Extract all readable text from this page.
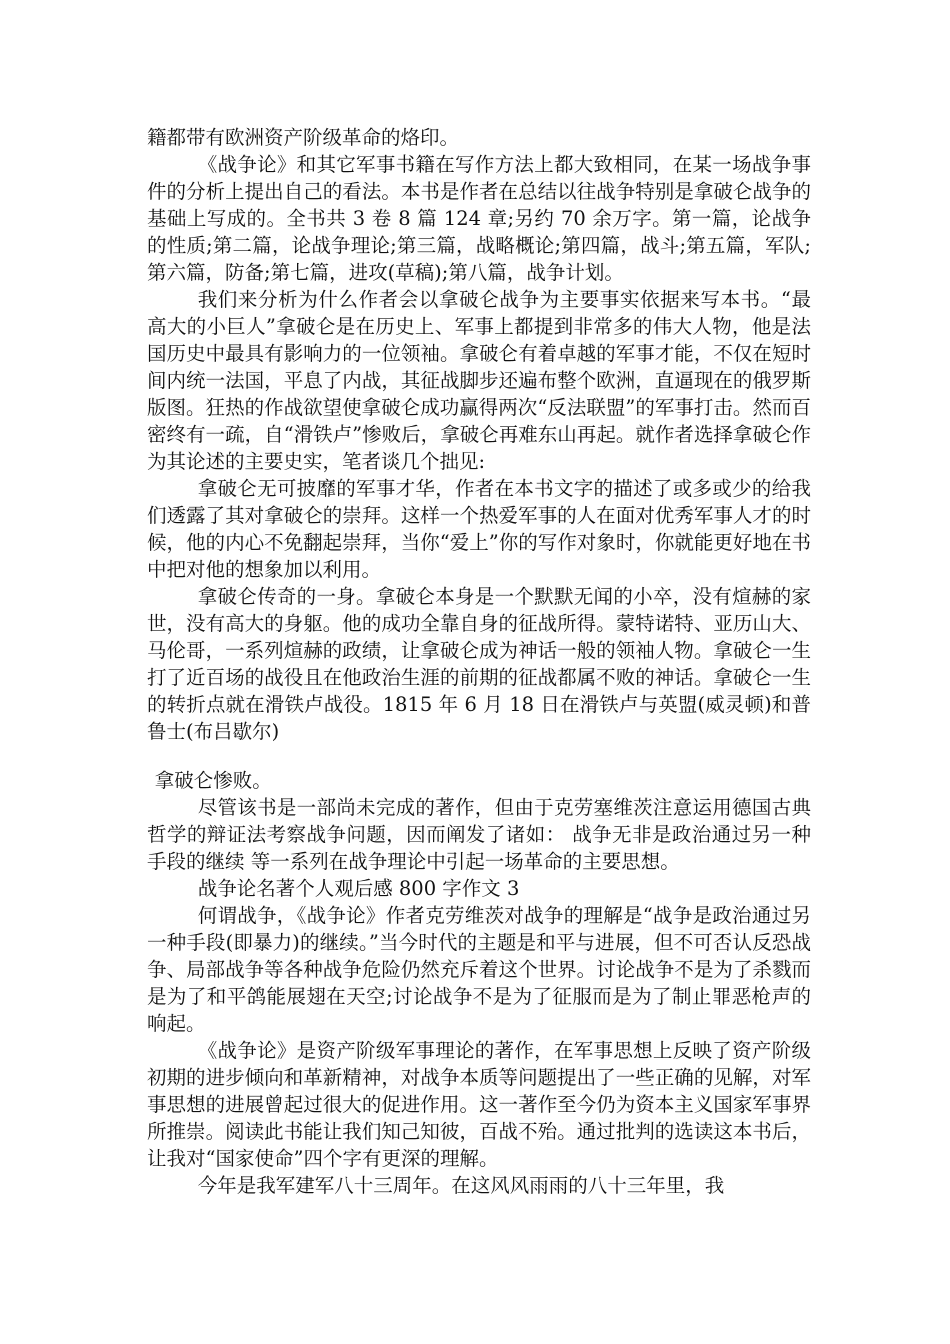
籍都带有欧洲资产阶级革命的烙印。

《战争论》和其它军事书籍在写作方法上都大致相同，在某一场战争事件的分析上提出自己的看法。本书是作者在总结以往战争特别是拿破仑战争的基础上写成的。全书共 3 卷 8 篇 124 章;另约 70 余万字。第一篇，论战争的性质;第二篇，论战争理论;第三篇，战略概论;第四篇，战斗;第五篇，军队;第六篇，防备;第七篇，进攻(草稿);第八篇，战争计划。

我们来分析为什么作者会以拿破仑战争为主要事实依据来写本书。“最高大的小巨人”拿破仑是在历史上、军事上都提到非常多的伟大人物，他是法国历史中最具有影响力的一位领袖。拿破仑有着卓越的军事才能，不仅在短时间内统一法国，平息了内战，其征战脚步还遍布整个欧洲，直逼现在的俄罗斯版图。狂热的作战欲望使拿破仑成功赢得两次“反法联盟”的军事打击。然而百密终有一疏，自“滑铁卢”惨败后，拿破仑再难东山再起。就作者选择拿破仑作为其论述的主要史实，笔者谈几个拙见:

拿破仑无可披靡的军事才华，作者在本书文字的描述了或多或少的给我们透露了其对拿破仑的崇拜。这样一个热爱军事的人在面对优秀军事人才的时候，他的内心不免翻起崇拜，当你“爱上”你的写作对象时，你就能更好地在书中把对他的想象加以利用。

拿破仑传奇的一身。拿破仑本身是一个默默无闻的小卒，没有煊赫的家世，没有高大的身躯。他的成功全靠自身的征战所得。蒙特诺特、亚历山大、马伦哥，一系列煊赫的政绩，让拿破仑成为神话一般的领袖人物。拿破仑一生打了近百场的战役且在他政治生涯的前期的征战都属不败的神话。拿破仑一生的转折点就在滑铁卢战役。1815 年 6 月 18 日在滑铁卢与英盟(威灵顿)和普鲁士(布吕歇尔)

拿破仑惨败。

尽管该书是一部尚未完成的著作，但由于克劳塞维茨注意运用德国古典哲学的辩证法考察战争问题，因而阐发了诸如： 战争无非是政治通过另一种手段的继续 等一系列在战争理论中引起一场革命的主要思想。

战争论名著个人观后感 800 字作文 3

何谓战争，《战争论》作者克劳维茨对战争的理解是“战争是政治通过另一种手段(即暴力)的继续。”当今时代的主题是和平与进展，但不可否认反恐战争、局部战争等各种战争危险仍然充斥着这个世界。讨论战争不是为了杀戮而是为了和平鸽能展翅在天空;讨论战争不是为了征服而是为了制止罪恶枪声的响起。

《战争论》是资产阶级军事理论的著作，在军事思想上反映了资产阶级初期的进步倾向和革新精神，对战争本质等问题提出了一些正确的见解，对军事思想的进展曾起过很大的促进作用。这一著作至今仍为资本主义国家军事界所推崇。阅读此书能让我们知己知彼，百战不殆。通过批判的选读这本书后，让我对“国家使命”四个字有更深的理解。

今年是我军建军八十三周年。在这风风雨雨的八十三年里，我
